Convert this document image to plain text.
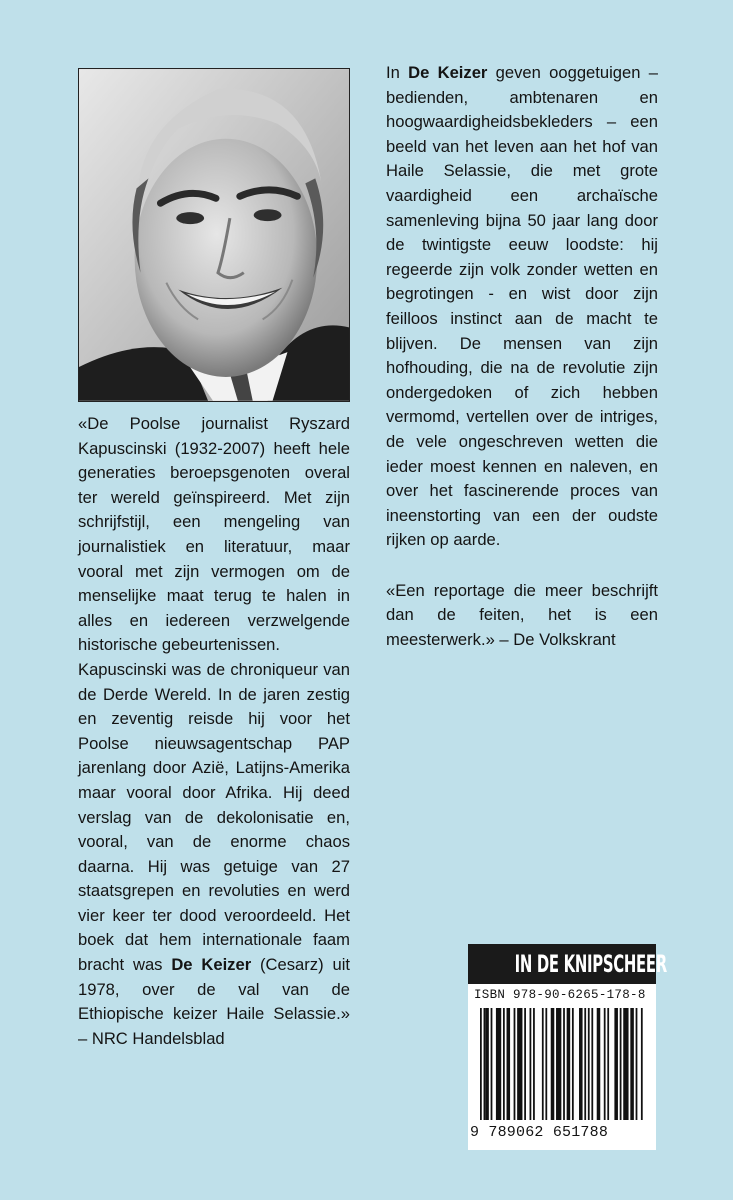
«De Poolse journalist Ryszard Kapuscinski (1932-2007) heeft hele generaties beroepsgenoten overal ter wereld geïnspireerd. Met zijn schrijfstijl, een mengeling van journalistiek en literatuur, maar vooral met zijn vermogen om de menselijke maat terug te halen in alles en iedereen verzwelgende historische gebeurtenissen.

Kapuscinski was de chroniqueur van de Derde Wereld. In de jaren zestig en zeventig reisde hij voor het Poolse nieuwsagentschap PAP jarenlang door Azië, Latijns-Amerika maar vooral door Afrika. Hij deed verslag van de dekolonisatie en, vooral, van de enorme chaos daarna. Hij was getuige van 27 staatsgrepen en revoluties en werd vier keer ter dood veroordeeld. Het boek dat hem internationale faam bracht was De Keizer (Cesarz) uit 1978, over de val van de Ethiopische keizer Haile Selassie.» – NRC Handelsblad

In De Keizer geven ooggetuigen – bedienden, ambtenaren en hoogwaardigheidsbekleders – een beeld van het leven aan het hof van Haile Selassie, die met grote vaardigheid een archaïsche samenleving bijna 50 jaar lang door de twintigste eeuw loodste: hij regeerde zijn volk zonder wetten en begrotingen - en wist door zijn feilloos instinct aan de macht te blijven. De mensen van zijn hofhouding, die na de revolutie zijn ondergedoken of zich hebben vermomd, vertellen over de intriges, de vele ongeschreven wetten die ieder moest kennen en naleven, en over het fascinerende proces van ineenstorting van een der oudste rijken op aarde.

«Een reportage die meer beschrijft dan de feiten, het is een meesterwerk.» – De Volkskrant

IN DE KNIPSCHEER
ISBN 978-90-6265-178-8
9 789062 651788
